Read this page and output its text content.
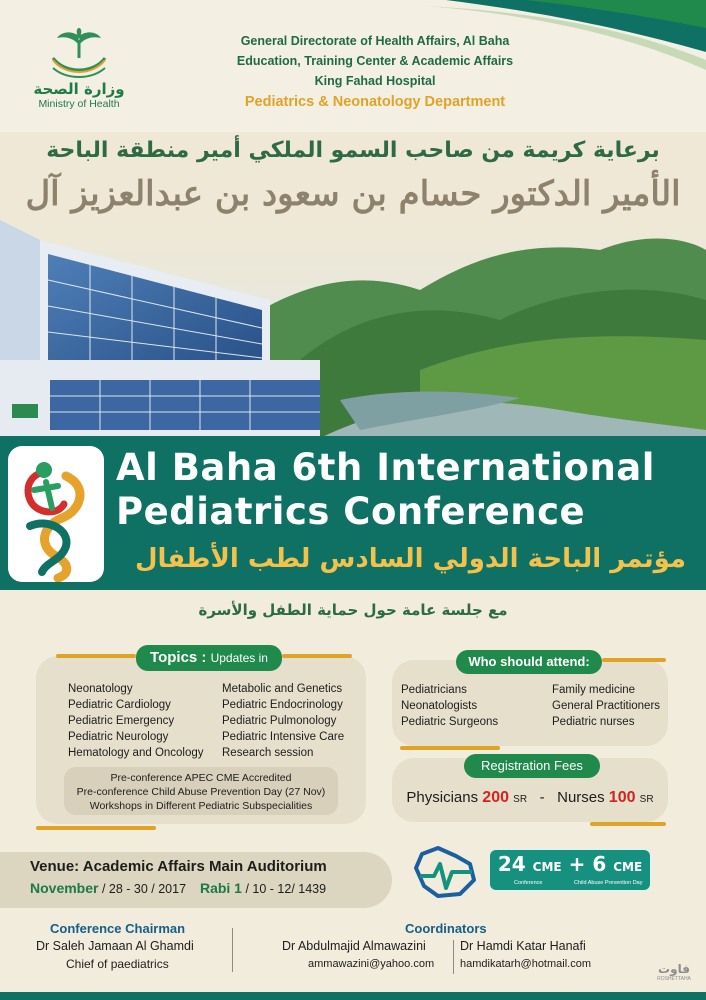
وزارة الصحة
Ministry of Health
General Directorate of Health Affairs, Al Baha
Education, Training Center & Academic Affairs
King Fahad Hospital
Pediatrics & Neonatology Department
برعاية كريمة من صاحب السمو الملكي أمير منطقة الباحة
الأمير الدكتور حسام بن سعود بن عبدالعزيز آل
Al Baha 6th International
Pediatrics Conference
مؤتمر الباحة الدولي السادس لطب الأطفال
مع جلسة عامة حول حماية الطفل والأسرة
Topics : Updates in
Neonatology
Pediatric Cardiology
Pediatric Emergency
Pediatric Neurology
Hematology and Oncology
Metabolic and Genetics
Pediatric Endocrinology
Pediatric Pulmonology
Pediatric Intensive Care
Research session
Pre-conference APEC CME Accredited
Pre-conference Child Abuse Prevention Day (27 Nov)
Workshops in Different Pediatric Subspecialities
Who should attend:
Pediatricians
Neonatologists
Pediatric Surgeons
Family medicine
General Practitioners
Pediatric nurses
Registration Fees
Physicians 200 SR - Nurses 100 SR
Venue: Academic Affairs Main Auditorium
November / 28 - 30 / 2017 Rabi 1 / 10 - 12/ 1439
24 CME + 6 CME
Conference	Child Abuse Prevention Day
Conference Chairman
Dr Saleh Jamaan Al Ghamdi
Chief of paediatrics
Coordinators
Dr Abdulmajid Almawazini
ammawazini@yahoo.com
Dr Hamdi Katar Hanafi
hamdikatarh@hotmail.com	فاوت
ROSHETTAHA
